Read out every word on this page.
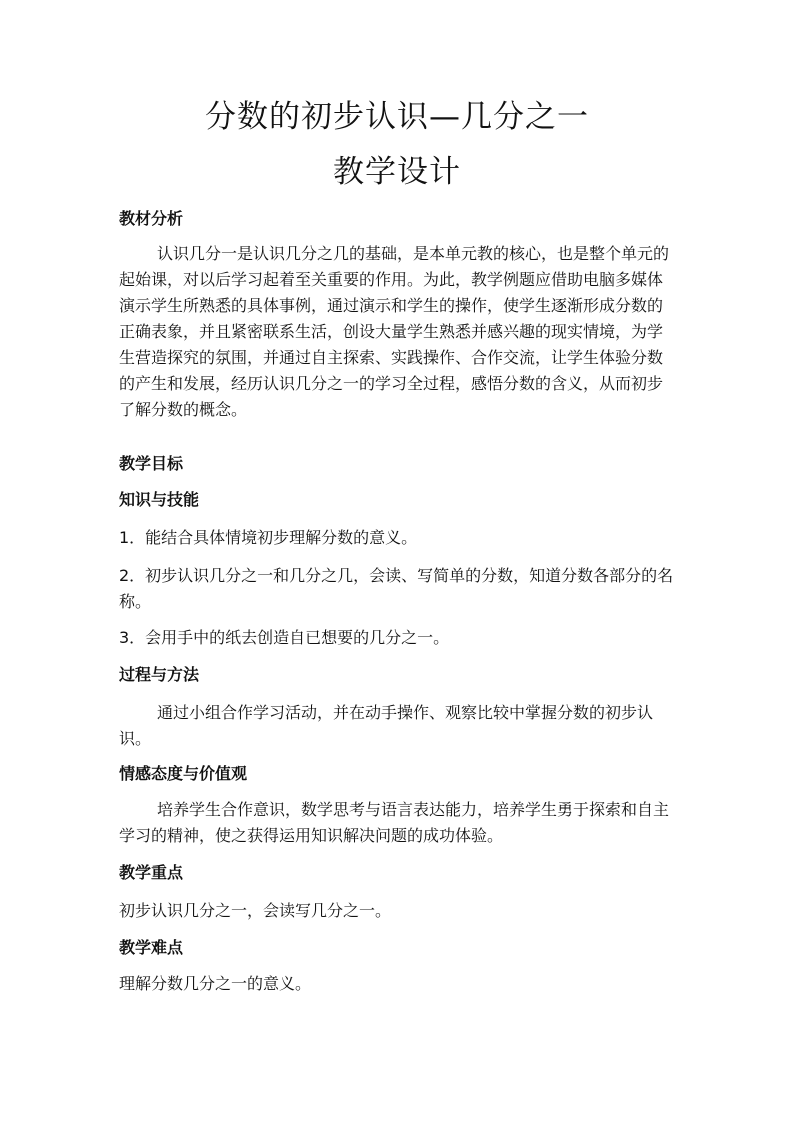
分数的初步认识—几分之一
教学设计
教材分析

认识几分一是认识几分之几的基础，是本单元教的核心，也是整个单元的起始课，对以后学习起着至关重要的作用。为此，教学例题应借助电脑多媒体演示学生所熟悉的具体事例，通过演示和学生的操作，使学生逐渐形成分数的正确表象，并且紧密联系生活，创设大量学生熟悉并感兴趣的现实情境，为学生营造探究的氛围，并通过自主探索、实践操作、合作交流，让学生体验分数的产生和发展，经历认识几分之一的学习全过程，感悟分数的含义，从而初步了解分数的概念。

教学目标
知识与技能

1．能结合具体情境初步理解分数的意义。

2．初步认识几分之一和几分之几，会读、写简单的分数，知道分数各部分的名称。

3．会用手中的纸去创造自已想要的几分之一。

过程与方法

通过小组合作学习活动，并在动手操作、观察比较中掌握分数的初步认识。

情感态度与价值观

培养学生合作意识，数学思考与语言表达能力，培养学生勇于探索和自主学习的精神，使之获得运用知识解决问题的成功体验。

教学重点

初步认识几分之一，会读写几分之一。

教学难点

理解分数几分之一的意义。
